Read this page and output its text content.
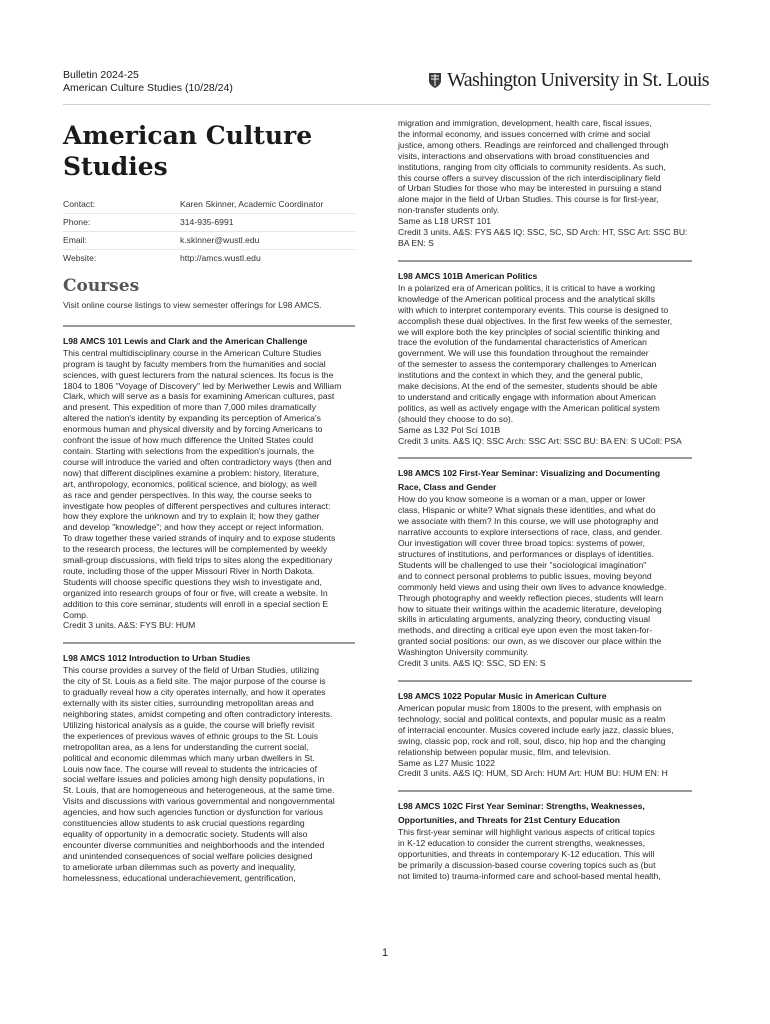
Bulletin 2024-25
American Culture Studies (10/28/24)	Washington University in St. Louis
American Culture Studies
Contact:	Karen Skinner, Academic Coordinator
Phone:	314-935-6991
Email:	k.skinner@wustl.edu
Website:	http://amcs.wustl.edu
Courses
Visit online course listings to view semester offerings for L98 AMCS.
L98 AMCS 101 Lewis and Clark and the American Challenge
This central multidisciplinary course in the American Culture Studies
program is taught by faculty members from the humanities and social
sciences, with guest lecturers from the natural sciences. Its focus is the
1804 to 1806 "Voyage of Discovery" led by Meriwether Lewis and William
Clark, which will serve as a basis for examining American cultures, past
and present. This expedition of more than 7,000 miles dramatically
altered the nation's identity by expanding its perception of America's
enormous human and physical diversity and by forcing Americans to
confront the issue of how much difference the United States could
contain. Starting with selections from the expedition's journals, the
course will introduce the varied and often contradictory ways (then and
now) that different disciplines examine a problem: history, literature,
art, anthropology, economics, political science, and biology, as well
as race and gender perspectives. In this way, the course seeks to
investigate how peoples of different perspectives and cultures interact:
how they explore the unknown and try to explain it; how they gather
and develop "knowledge"; and how they accept or reject information.
To draw together these varied strands of inquiry and to expose students
to the research process, the lectures will be complemented by weekly
small-group discussions, with field trips to sites along the expeditionary
route, including those of the upper Missouri River in North Dakota.
Students will choose specific questions they wish to investigate and,
organized into research groups of four or five, will create a website. In
addition to this core seminar, students will enroll in a special section E
Comp.
Credit 3 units. A&S: FYS BU: HUM
L98 AMCS 1012 Introduction to Urban Studies
This course provides a survey of the field of Urban Studies, utilizing
the city of St. Louis as a field site. The major purpose of the course is
to gradually reveal how a city operates internally, and how it operates
externally with its sister cities, surrounding metropolitan areas and
neighboring states, amidst competing and often contradictory interests.
Utilizing historical analysis as a guide, the course will briefly revisit
the experiences of previous waves of ethnic groups to the St. Louis
metropolitan area, as a lens for understanding the current social,
political and economic dilemmas which many urban dwellers in St.
Louis now face. The course will reveal to students the intricacies of
social welfare issues and policies among high density populations, in
St. Louis, that are homogeneous and heterogeneous, at the same time.
Visits and discussions with various governmental and nongovernmental
agencies, and how such agencies function or dysfunction for various
constituencies allow students to ask crucial questions regarding
equality of opportunity in a democratic society. Students will also
encounter diverse communities and neighborhoods and the intended
and unintended consequences of social welfare policies designed
to ameliorate urban dilemmas such as poverty and inequality,
homelessness, educational underachievement, gentrification,
migration and immigration, development, health care, fiscal issues,
the informal economy, and issues concerned with crime and social
justice, among others. Readings are reinforced and challenged through
visits, interactions and observations with broad constituencies and
institutions, ranging from city officials to community residents. As such,
this course offers a survey discussion of the rich interdisciplinary field
of Urban Studies for those who may be interested in pursuing a stand
alone major in the field of Urban Studies. This course is for first-year,
non-transfer students only.
Same as L18 URST 101
Credit 3 units. A&S: FYS A&S IQ: SSC, SC, SD Arch: HT, SSC Art: SSC BU:
BA EN: S
L98 AMCS 101B American Politics
In a polarized era of American politics, it is critical to have a working
knowledge of the American political process and the analytical skills
with which to interpret contemporary events. This course is designed to
accomplish these dual objectives. In the first few weeks of the semester,
we will explore both the key principles of social scientific thinking and
trace the evolution of the fundamental characteristics of American
government. We will use this foundation throughout the remainder
of the semester to assess the contemporary challenges to American
institutions and the context in which they, and the general public,
make decisions. At the end of the semester, students should be able
to understand and critically engage with information about American
politics, as well as actively engage with the American political system
(should they choose to do so).
Same as L32 Pol Sci 101B
Credit 3 units. A&S IQ: SSC Arch: SSC Art: SSC BU: BA EN: S UColl: PSA
L98 AMCS 102 First-Year Seminar: Visualizing and Documenting
Race, Class and Gender
How do you know someone is a woman or a man, upper or lower
class, Hispanic or white? What signals these identities, and what do
we associate with them? In this course, we will use photography and
narrative accounts to explore intersections of race, class, and gender.
Our investigation will cover three broad topics: systems of power,
structures of institutions, and performances or displays of identities.
Students will be challenged to use their "sociological imagination"
and to connect personal problems to public issues, moving beyond
commonly held views and using their own lives to advance knowledge.
Through photography and weekly reflection pieces, students will learn
how to situate their writings within the academic literature, developing
skills in articulating arguments, analyzing theory, conducting visual
methods, and directing a critical eye upon even the most taken-for-
granted social positions: our own, as we discover our place within the
Washington University community.
Credit 3 units. A&S IQ: SSC, SD EN: S
L98 AMCS 1022 Popular Music in American Culture
American popular music from 1800s to the present, with emphasis on
technology, social and political contexts, and popular music as a realm
of interracial encounter. Musics covered include early jazz, classic blues,
swing, classic pop, rock and roll, soul, disco, hip hop and the changing
relationship between popular music, film, and television.
Same as L27 Music 1022
Credit 3 units. A&S IQ: HUM, SD Arch: HUM Art: HUM BU: HUM EN: H
L98 AMCS 102C First Year Seminar: Strengths, Weaknesses,
Opportunities, and Threats for 21st Century Education
This first-year seminar will highlight various aspects of critical topics
in K-12 education to consider the current strengths, weaknesses,
opportunities, and threats in contemporary K-12 education. This will
be primarily a discussion-based course covering topics such as (but
not limited to) trauma-informed care and school-based mental health,
1
